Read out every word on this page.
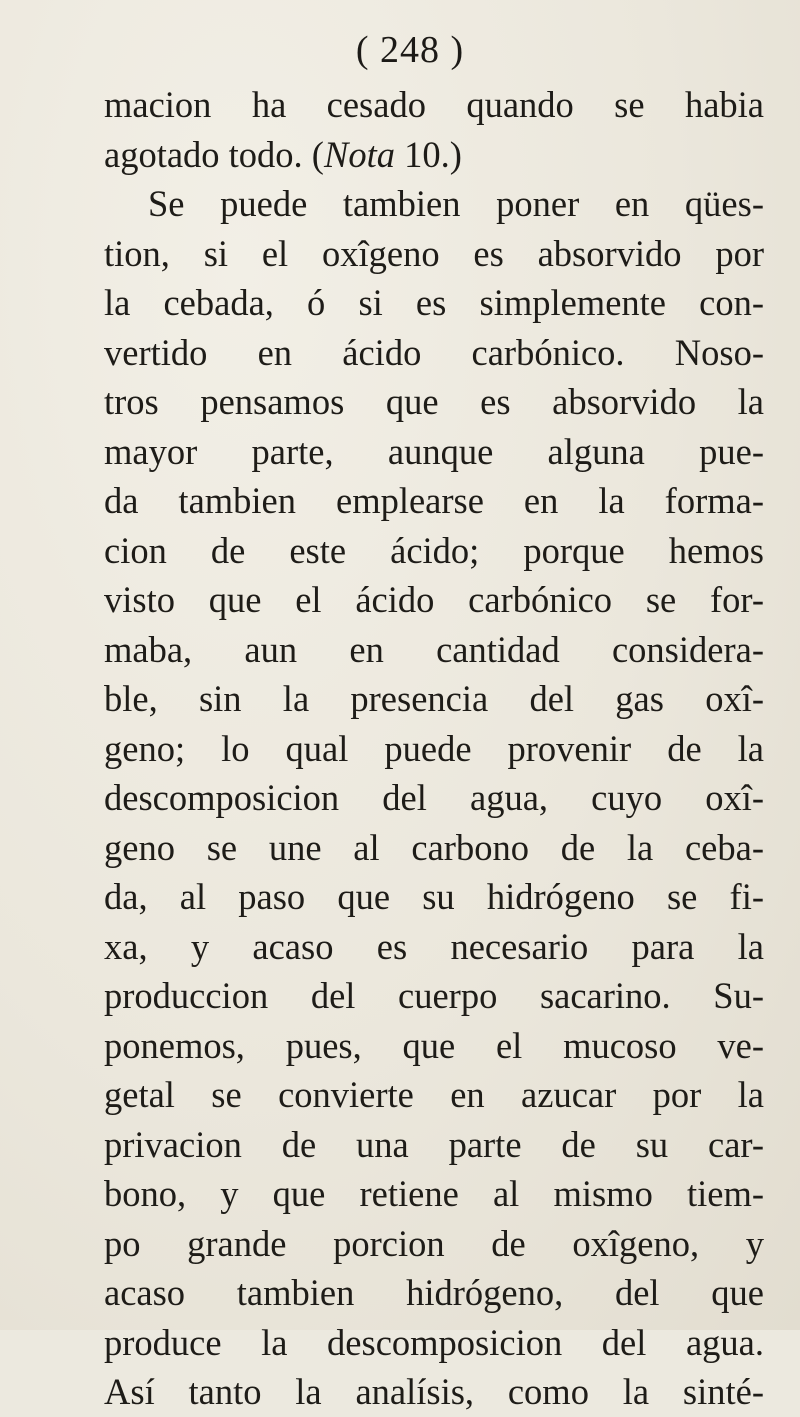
( 248 )
macion ha cesado quando se habia
agotado todo. (Nota 10.)
Se puede tambien poner en qües-
tion, si el oxîgeno es absorvido por
la cebada, ó si es simplemente con-
vertido en ácido carbónico. Noso-
tros pensamos que es absorvido la
mayor parte, aunque alguna pue-
da tambien emplearse en la forma-
cion de este ácido; porque hemos
visto que el ácido carbónico se for-
maba, aun en cantidad considera-
ble, sin la presencia del gas oxî-
geno; lo qual puede provenir de la
descomposicion del agua, cuyo oxî-
geno se une al carbono de la ceba-
da, al paso que su hidrógeno se fi-
xa, y acaso es necesario para la
produccion del cuerpo sacarino. Su-
ponemos, pues, que el mucoso ve-
getal se convierte en azucar por la
privacion de una parte de su car-
bono, y que retiene al mismo tiem-
po grande porcion de oxîgeno, y
acaso tambien hidrógeno, del que
produce la descomposicion del agua.
Así tanto la analísis, como la sinté-
